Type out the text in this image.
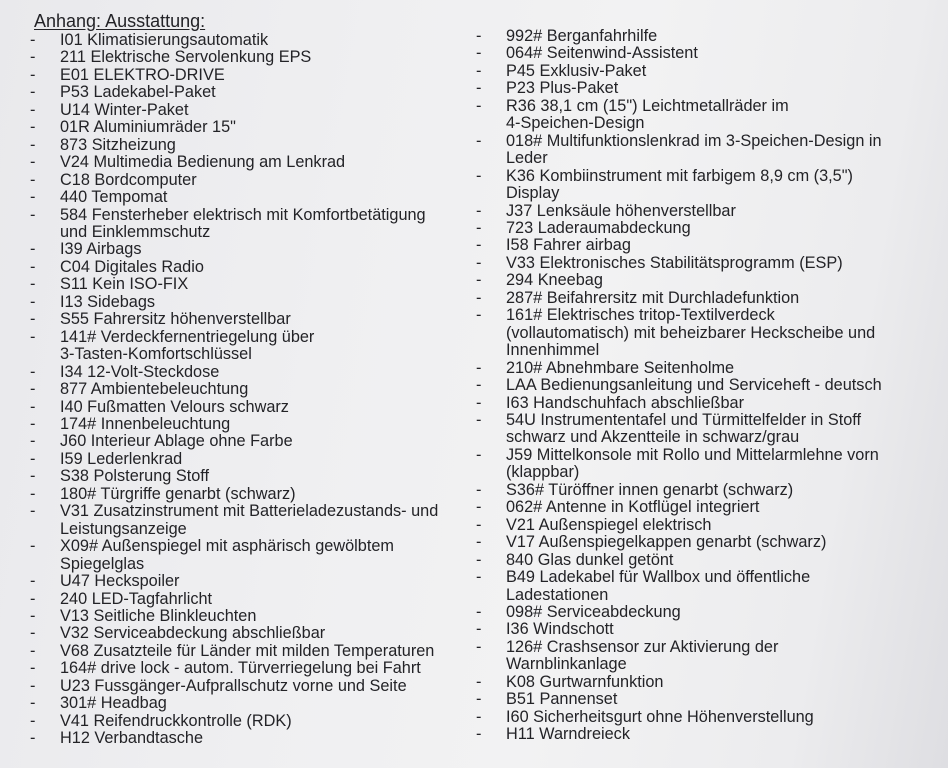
Anhang: Ausstattung:
-	I01 Klimatisierungsautomatik
-	211 Elektrische Servolenkung EPS
-	E01 ELEKTRO-DRIVE
-	P53 Ladekabel-Paket
-	U14 Winter-Paket
-	01R Aluminiumräder 15"
-	873 Sitzheizung
-	V24 Multimedia Bedienung am Lenkrad
-	C18 Bordcomputer
-	440 Tempomat
-	584 Fensterheber elektrisch mit Komfortbetätigung
und Einklemmschutz
-	I39 Airbags
-	C04 Digitales Radio
-	S11 Kein ISO-FIX
-	I13 Sidebags
-	S55 Fahrersitz höhenverstellbar
-	141# Verdeckfernentriegelung über
3-Tasten-Komfortschlüssel
-	I34 12-Volt-Steckdose
-	877 Ambientebeleuchtung
-	I40 Fußmatten Velours schwarz
-	174# Innenbeleuchtung
-	J60 Interieur Ablage ohne Farbe
-	I59 Lederlenkrad
-	S38 Polsterung Stoff
-	180# Türgriffe genarbt (schwarz)
-	V31 Zusatzinstrument mit Batterieladezustands- und
Leistungsanzeige
-	X09# Außenspiegel mit asphärisch gewölbtem
Spiegelglas
-	U47 Heckspoiler
-	240 LED-Tagfahrlicht
-	V13 Seitliche Blinkleuchten
-	V32 Serviceabdeckung abschließbar
-	V68 Zusatzteile für Länder mit milden Temperaturen
-	164# drive lock - autom. Türverriegelung bei Fahrt
-	U23 Fussgänger-Aufprallschutz vorne und Seite
-	301# Headbag
-	V41 Reifendruckkontrolle (RDK)
-	H12 Verbandtasche
-	992# Berganfahrhilfe
-	064# Seitenwind-Assistent
-	P45 Exklusiv-Paket
-	P23 Plus-Paket
-	R36 38,1 cm (15") Leichtmetallräder im
4-Speichen-Design
-	018# Multifunktionslenkrad im 3-Speichen-Design in
Leder
-	K36 Kombiinstrument mit farbigem 8,9 cm (3,5")
Display
-	J37 Lenksäule höhenverstellbar
-	723 Laderaumabdeckung
-	I58 Fahrer airbag
-	V33 Elektronisches Stabilitätsprogramm (ESP)
-	294 Kneebag
-	287# Beifahrersitz mit Durchladefunktion
-	161# Elektrisches tritop-Textilverdeck
(vollautomatisch) mit beheizbarer Heckscheibe und
Innenhimmel
-	210# Abnehmbare Seitenholme
-	LAA Bedienungsanleitung und Serviceheft - deutsch
-	I63 Handschuhfach abschließbar
-	54U Instrumententafel und Türmittelfelder in Stoff
schwarz und Akzentteile in schwarz/grau
-	J59 Mittelkonsole mit Rollo und Mittelarmlehne vorn
(klappbar)
-	S36# Türöffner innen genarbt (schwarz)
-	062# Antenne in Kotflügel integriert
-	V21 Außenspiegel elektrisch
-	V17 Außenspiegelkappen genarbt (schwarz)
-	840 Glas dunkel getönt
-	B49 Ladekabel für Wallbox und öffentliche
Ladestationen
-	098# Serviceabdeckung
-	I36 Windschott
-	126# Crashsensor zur Aktivierung der
Warnblinkanlage
-	K08 Gurtwarnfunktion
-	B51 Pannenset
-	I60 Sicherheitsgurt ohne Höhenverstellung
-	H11 Warndreieck
